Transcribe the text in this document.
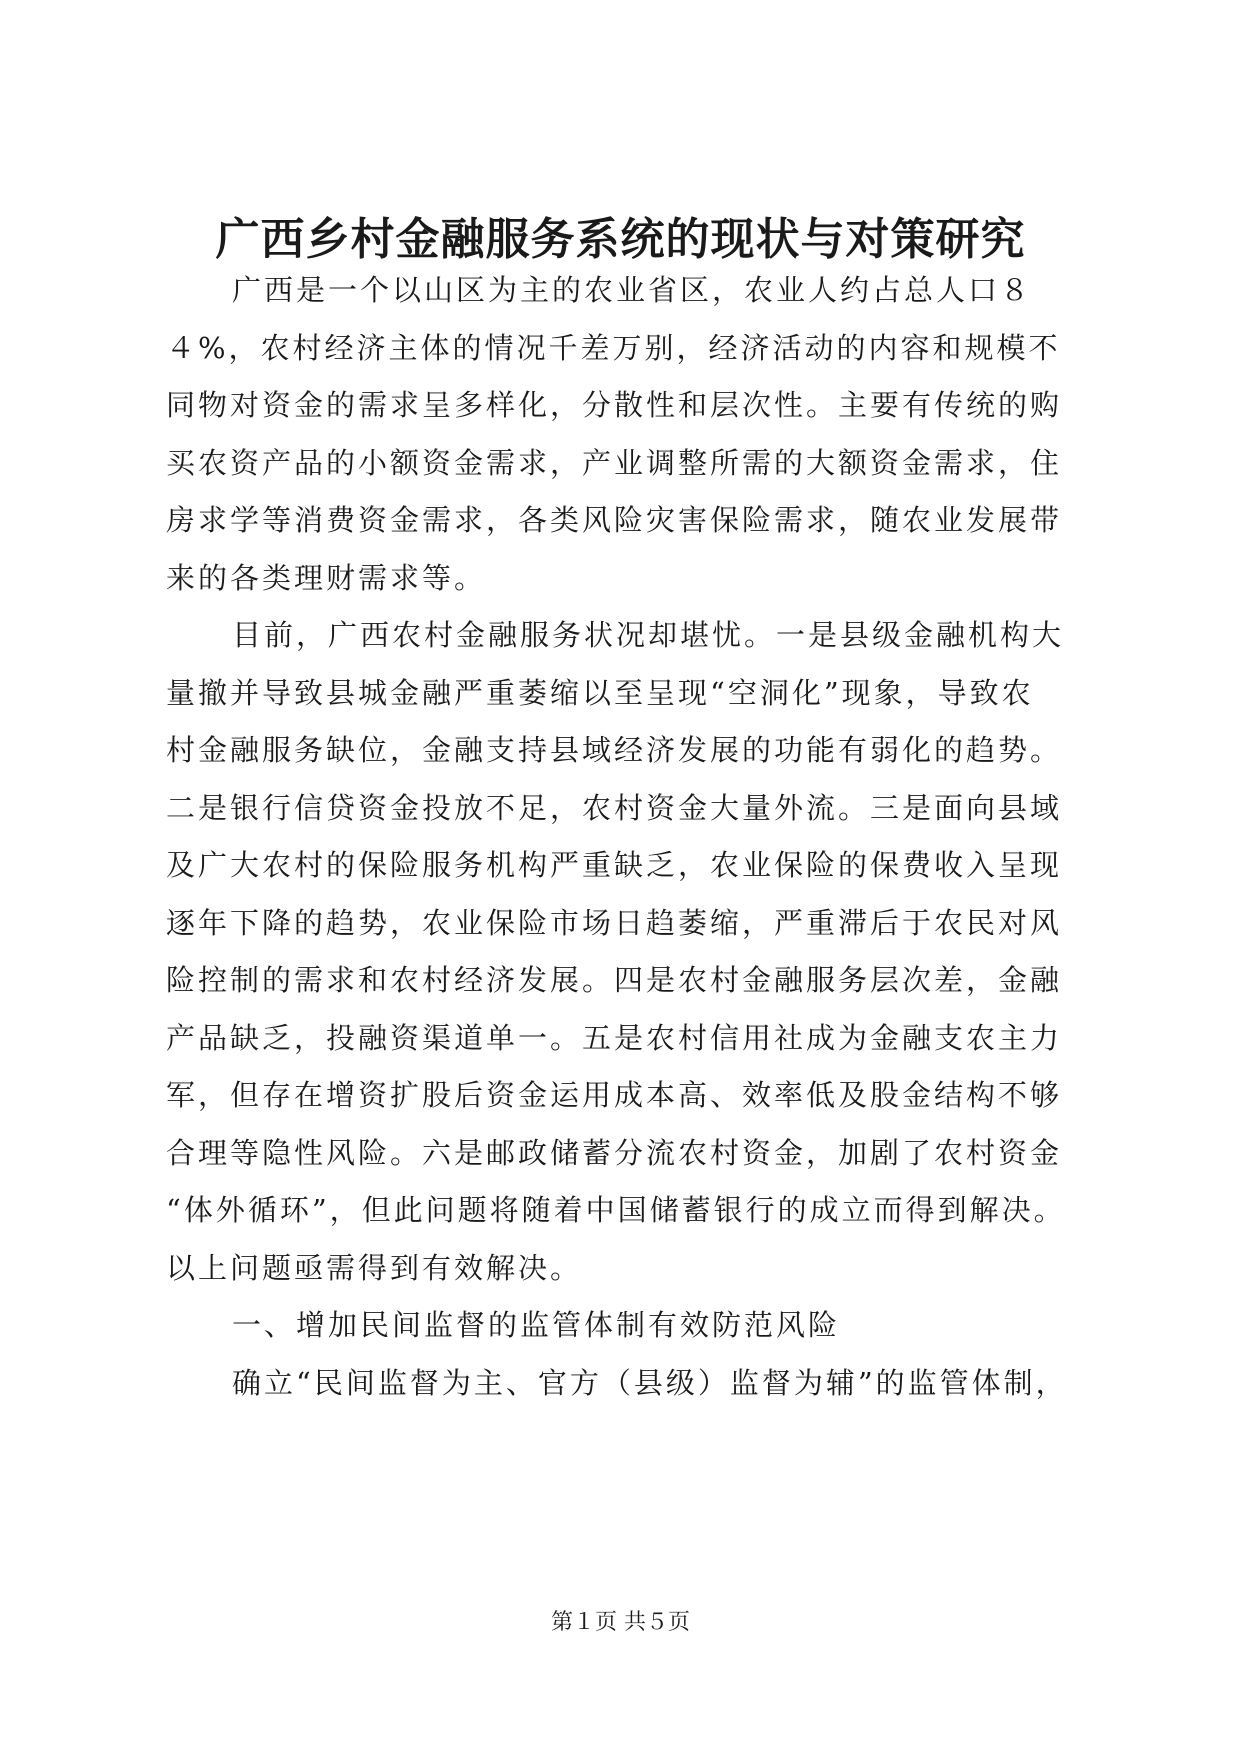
广西乡村金融服务系统的现状与对策研究

广西是一个以山区为主的农业省区，农业人约占总人口８
４%，农村经济主体的情况千差万别，经济活动的内容和规模不
同物对资金的需求呈多样化，分散性和层次性。主要有传统的购
买农资产品的小额资金需求，产业调整所需的大额资金需求，住
房求学等消费资金需求，各类风险灾害保险需求，随农业发展带
来的各类理财需求等。

目前，广西农村金融服务状况却堪忧。一是县级金融机构大
量撤并导致县城金融严重萎缩以至呈现“空洞化”现象，导致农
村金融服务缺位，金融支持县域经济发展的功能有弱化的趋势。
二是银行信贷资金投放不足，农村资金大量外流。三是面向县域
及广大农村的保险服务机构严重缺乏，农业保险的保费收入呈现
逐年下降的趋势，农业保险市场日趋萎缩，严重滞后于农民对风
险控制的需求和农村经济发展。四是农村金融服务层次差，金融
产品缺乏，投融资渠道单一。五是农村信用社成为金融支农主力
军，但存在增资扩股后资金运用成本高、效率低及股金结构不够
合理等隐性风险。六是邮政储蓄分流农村资金，加剧了农村资金
“体外循环”，但此问题将随着中国储蓄银行的成立而得到解决。
以上问题亟需得到有效解决。

一、增加民间监督的监管体制有效防范风险

确立“民间监督为主、官方（县级）监督为辅”的监管体制，

第１页 共５页
